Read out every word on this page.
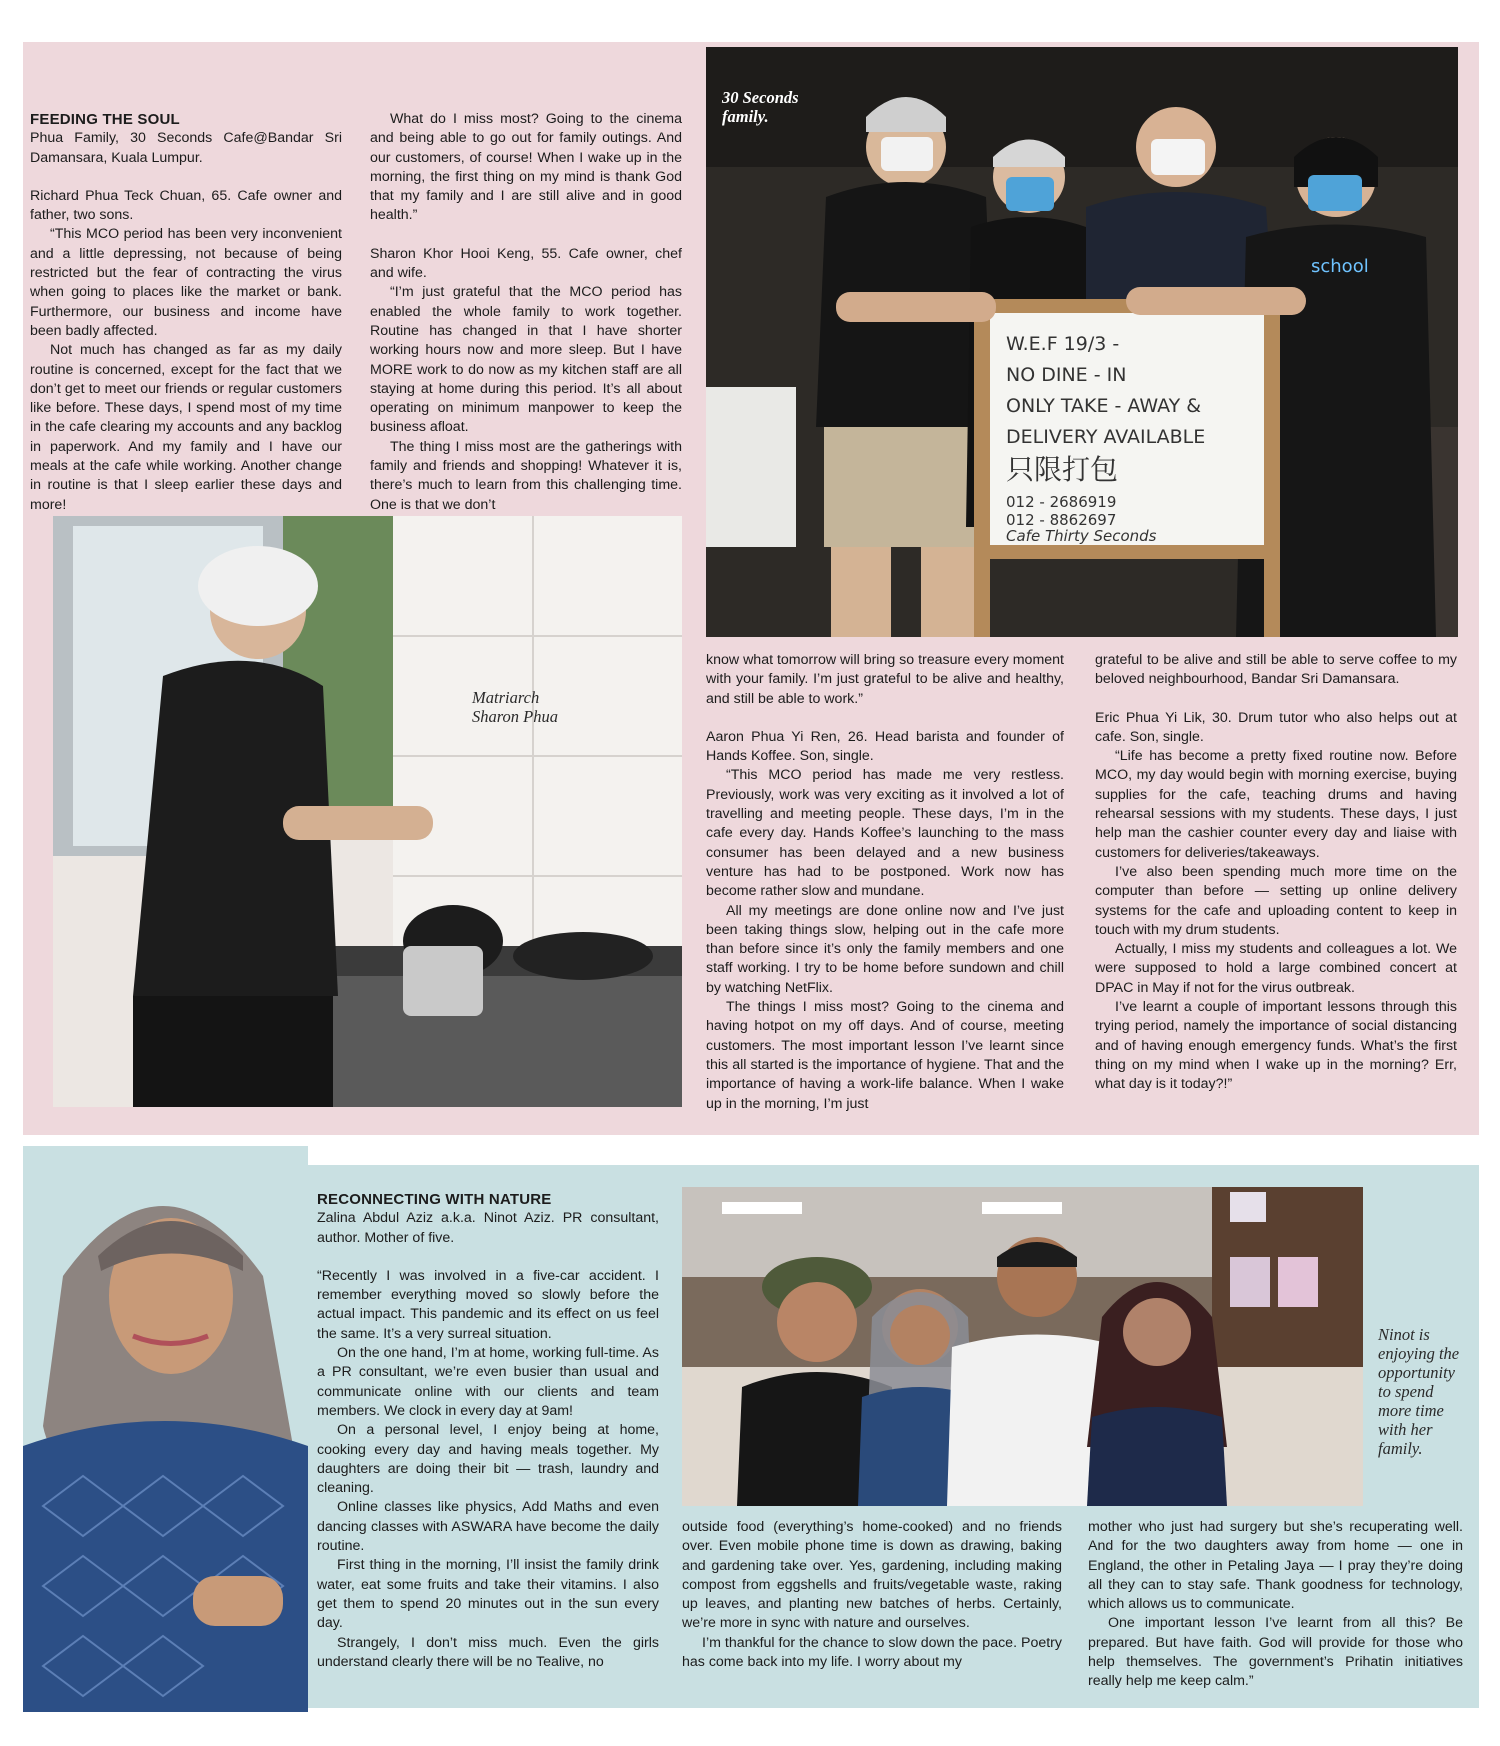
FEEDING THE SOUL

Phua Family, 30 Seconds Cafe@Bandar Sri Damansara, Kuala Lumpur.

Richard Phua Teck Chuan, 65. Cafe owner and father, two sons.

“This MCO period has been very inconvenient and a little depressing, not because of being restricted but the fear of contracting the virus when going to places like the market or bank. Furthermore, our business and income have been badly affected.

Not much has changed as far as my daily routine is concerned, except for the fact that we don’t get to meet our friends or regular customers like before. These days, I spend most of my time in the cafe clearing my accounts and any backlog in paperwork. And my family and I have our meals at the cafe while working. Another change in routine is that I sleep earlier these days and more!

What do I miss most? Going to the cinema and being able to go out for family outings. And our customers, of course! When I wake up in the morning, the first thing on my mind is thank God that my family and I are still alive and in good health.”

Sharon Khor Hooi Keng, 55. Cafe owner, chef and wife.

“I’m just grateful that the MCO period has enabled the whole family to work together. Routine has changed in that I have shorter working hours now and more sleep. But I have MORE work to do now as my kitchen staff are all staying at home during this period. It’s all about operating on minimum manpower to keep the business afloat.

The thing I miss most are the gatherings with family and friends and shopping! Whatever it is, there’s much to learn from this challenging time. One is that we don’t

school
W.E.F 19/3 -
NO DINE - IN
ONLY TAKE - AWAY &
DELIVERY AVAILABLE
只限打包
012 - 2686919
012 - 8862697
Cafe Thirty Seconds
30 Seconds
family.
Matriarch
Sharon Phua

know what tomorrow will bring so treasure every moment with your family. I’m just grateful to be alive and healthy, and still be able to work.”

Aaron Phua Yi Ren, 26. Head barista and founder of Hands Koffee. Son, single.

“This MCO period has made me very restless. Previously, work was very exciting as it involved a lot of travelling and meeting people. These days, I’m in the cafe every day. Hands Koffee’s launching to the mass consumer has been delayed and a new business venture has had to be postponed. Work now has become rather slow and mundane.

All my meetings are done online now and I’ve just been taking things slow, helping out in the cafe more than before since it’s only the family members and one staff working. I try to be home before sundown and chill by watching NetFlix.

The things I miss most? Going to the cinema and having hotpot on my off days. And of course, meeting customers. The most important lesson I’ve learnt since this all started is the importance of hygiene. That and the importance of having a work-life balance. When I wake up in the morning, I’m just

grateful to be alive and still be able to serve coffee to my beloved neighbourhood, Bandar Sri Damansara.

Eric Phua Yi Lik, 30. Drum tutor who also helps out at cafe. Son, single.

“Life has become a pretty fixed routine now. Before MCO, my day would begin with morning exercise, buying supplies for the cafe, teaching drums and having rehearsal sessions with my students. These days, I just help man the cashier counter every day and liaise with customers for deliveries/takeaways.

I’ve also been spending much more time on the computer than before — setting up online delivery systems for the cafe and uploading content to keep in touch with my drum students.

Actually, I miss my students and colleagues a lot. We were supposed to hold a large combined concert at DPAC in May if not for the virus outbreak.

I’ve learnt a couple of important lessons through this trying period, namely the importance of social distancing and of having enough emergency funds. What’s the first thing on my mind when I wake up in the morning? Err, what day is it today?!”

RECONNECTING WITH NATURE

Zalina Abdul Aziz a.k.a. Ninot Aziz. PR consultant, author. Mother of five.

“Recently I was involved in a five-car accident. I remember everything moved so slowly before the actual impact. This pandemic and its effect on us feel the same. It’s a very surreal situation.

On the one hand, I’m at home, working full-time. As a PR consultant, we’re even busier than usual and communicate online with our clients and team members. We clock in every day at 9am!

On a personal level, I enjoy being at home, cooking every day and having meals together. My daughters are doing their bit — trash, laundry and cleaning.

Online classes like physics, Add Maths and even dancing classes with ASWARA have become the daily routine.

First thing in the morning, I’ll insist the family drink water, eat some fruits and take their vitamins. I also get them to spend 20 minutes out in the sun every day.

Strangely, I don’t miss much. Even the girls understand clearly there will be no Tealive, no

Ninot is
enjoying the
opportunity
to spend
more time
with her
family.

outside food (everything’s home-cooked) and no friends over. Even mobile phone time is down as drawing, baking and gardening take over. Yes, gardening, including making compost from eggshells and fruits/vegetable waste, raking up leaves, and planting new batches of herbs. Certainly, we’re more in sync with nature and ourselves.

I’m thankful for the chance to slow down the pace. Poetry has come back into my life. I worry about my

mother who just had surgery but she’s recuperating well. And for the two daughters away from home — one in England, the other in Petaling Jaya — I pray they’re doing all they can to stay safe. Thank goodness for technology, which allows us to communicate.

One important lesson I’ve learnt from all this? Be prepared. But have faith. God will provide for those who help themselves. The government’s Prihatin initiatives really help me keep calm.”
